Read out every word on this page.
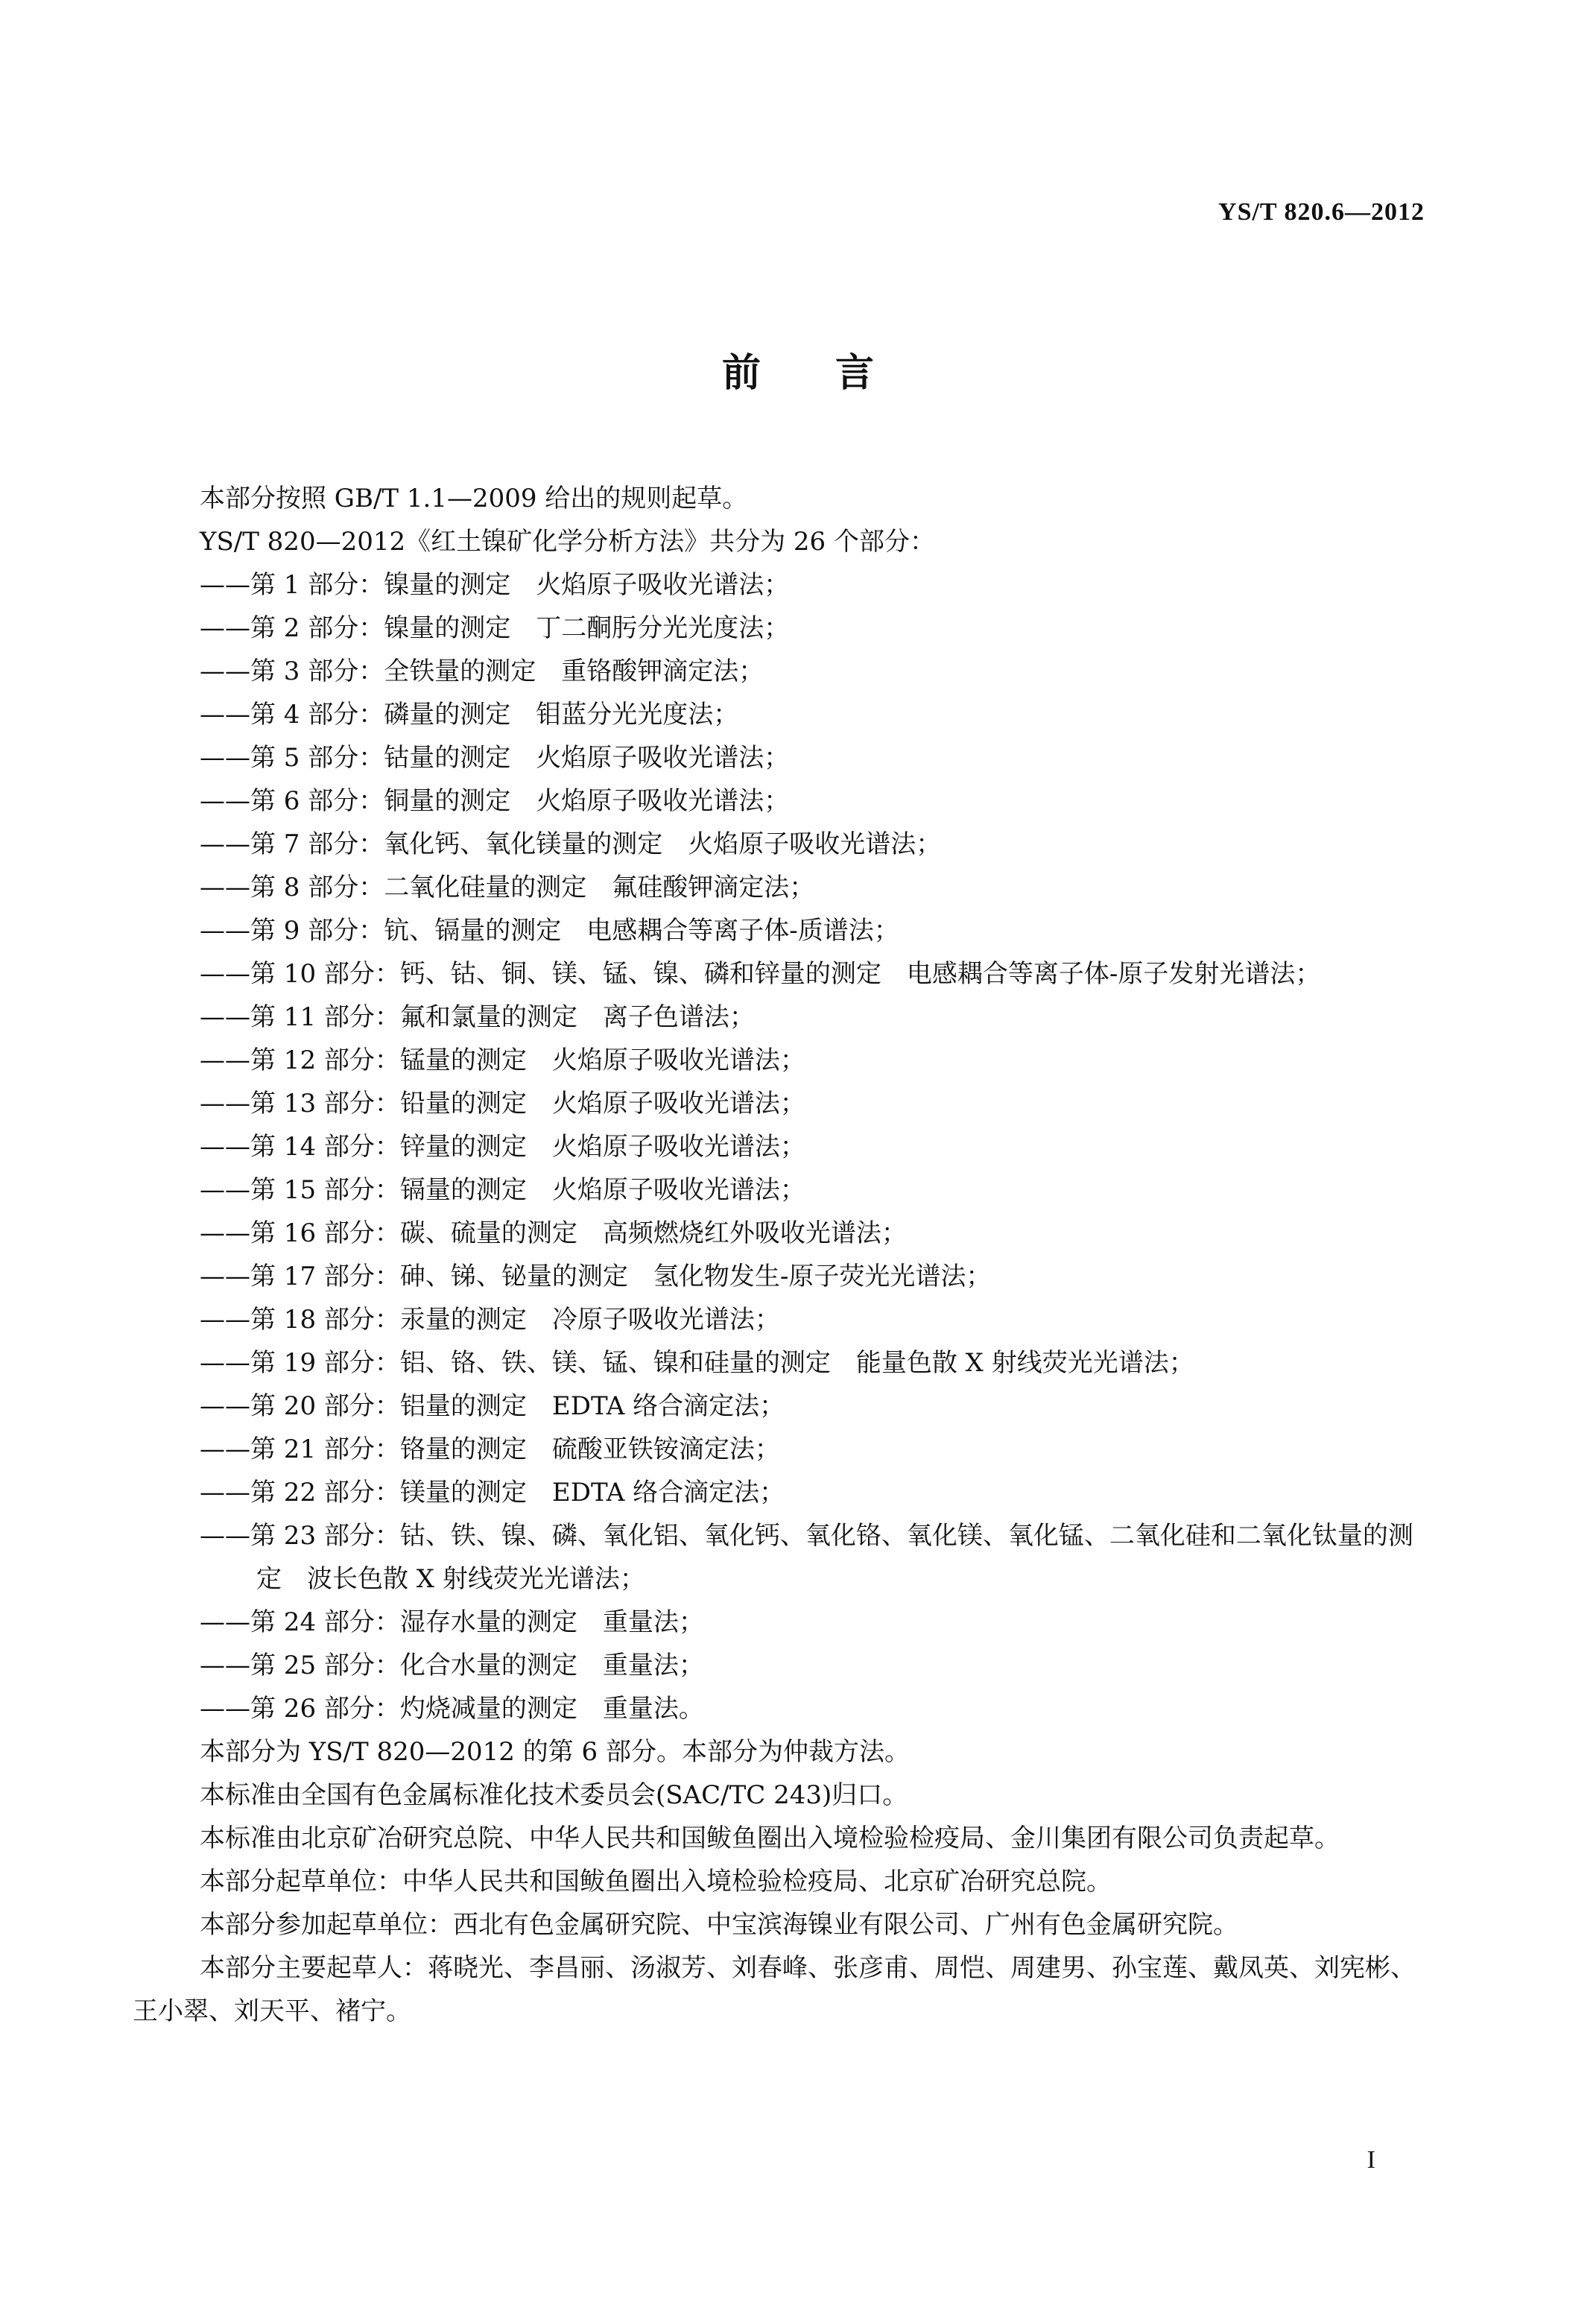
YS/T 820.6—2012
前言

本部分按照 GB/T 1.1—2009 给出的规则起草。

YS/T 820—2012《红土镍矿化学分析方法》共分为 26 个部分：

——第 1 部分：镍量的测定　火焰原子吸收光谱法；

——第 2 部分：镍量的测定　丁二酮肟分光光度法；

——第 3 部分：全铁量的测定　重铬酸钾滴定法；

——第 4 部分：磷量的测定　钼蓝分光光度法；

——第 5 部分：钴量的测定　火焰原子吸收光谱法；

——第 6 部分：铜量的测定　火焰原子吸收光谱法；

——第 7 部分：氧化钙、氧化镁量的测定　火焰原子吸收光谱法；

——第 8 部分：二氧化硅量的测定　氟硅酸钾滴定法；

——第 9 部分：钪、镉量的测定　电感耦合等离子体-质谱法；

——第 10 部分：钙、钴、铜、镁、锰、镍、磷和锌量的测定　电感耦合等离子体-原子发射光谱法；

——第 11 部分：氟和氯量的测定　离子色谱法；

——第 12 部分：锰量的测定　火焰原子吸收光谱法；

——第 13 部分：铅量的测定　火焰原子吸收光谱法；

——第 14 部分：锌量的测定　火焰原子吸收光谱法；

——第 15 部分：镉量的测定　火焰原子吸收光谱法；

——第 16 部分：碳、硫量的测定　高频燃烧红外吸收光谱法；

——第 17 部分：砷、锑、铋量的测定　氢化物发生-原子荧光光谱法；

——第 18 部分：汞量的测定　冷原子吸收光谱法；

——第 19 部分：铝、铬、铁、镁、锰、镍和硅量的测定　能量色散 X 射线荧光光谱法；

——第 20 部分：铝量的测定　EDTA 络合滴定法；

——第 21 部分：铬量的测定　硫酸亚铁铵滴定法；

——第 22 部分：镁量的测定　EDTA 络合滴定法；

——第 23 部分：钴、铁、镍、磷、氧化铝、氧化钙、氧化铬、氧化镁、氧化锰、二氧化硅和二氧化钛量的测定　波长色散 X 射线荧光光谱法；

——第 24 部分：湿存水量的测定　重量法；

——第 25 部分：化合水量的测定　重量法；

——第 26 部分：灼烧减量的测定　重量法。

本部分为 YS/T 820—2012 的第 6 部分。本部分为仲裁方法。

本标准由全国有色金属标准化技术委员会(SAC/TC 243)归口。

本标准由北京矿冶研究总院、中华人民共和国鲅鱼圈出入境检验检疫局、金川集团有限公司负责起草。

本部分起草单位：中华人民共和国鲅鱼圈出入境检验检疫局、北京矿冶研究总院。

本部分参加起草单位：西北有色金属研究院、中宝滨海镍业有限公司、广州有色金属研究院。

本部分主要起草人：蒋晓光、李昌丽、汤淑芳、刘春峰、张彦甫、周恺、周建男、孙宝莲、戴凤英、刘宪彬、王小翠、刘天平、褚宁。

I
